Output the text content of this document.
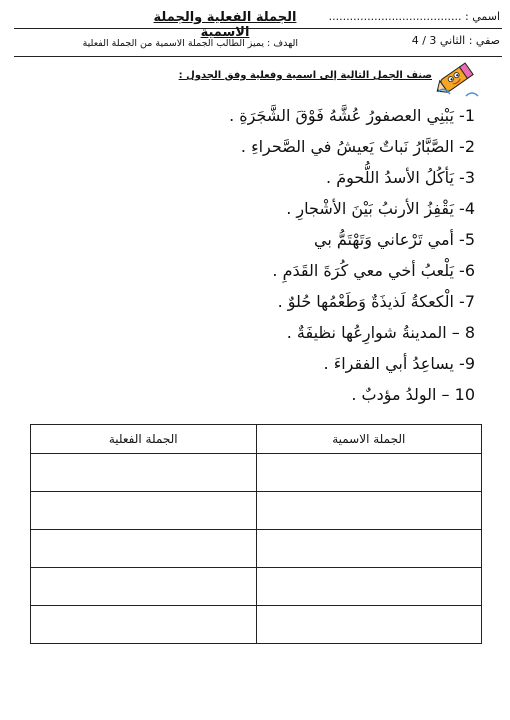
الجملة الفعلية والجملة الاسمية
اسمي : ......................................
صفي : الثاني 3 / 4
الهدف : يميز الطالب الجملة الاسمية من الجملة الفعلية
صنف الجمل التالية إلى اسمية وفعلية وفق الجدول :
1- يَبْنِي العصفورُ عُشَّهُ فَوْقَ الشَّجَرَةِ .
2- الصَّبَّارُ نَباتٌ يَعيشُ في الصَّحراءِ .
3- يَأكُلُ الأسدُ اللُّحومَ .
4- يَقْفِزُ الأرنبُ بَيْنَ الأشْجارِ .
5- أمي تَرْعاني وَتَهْتَمُّ بي
6- يَلْعبُ أخي معي كُرَةَ القَدَمِ .
7- الْكعكةُ لَذيذَةٌ وَطَعْمُها حُلوٌ .
8 – المدينةُ شوارِعُها نظيفَةٌ .
9- يساعِدُ أبي الفقراءَ .
10 – الولدُ مؤدبٌ .
الجملة الفعلية	الجملة الاسمية
